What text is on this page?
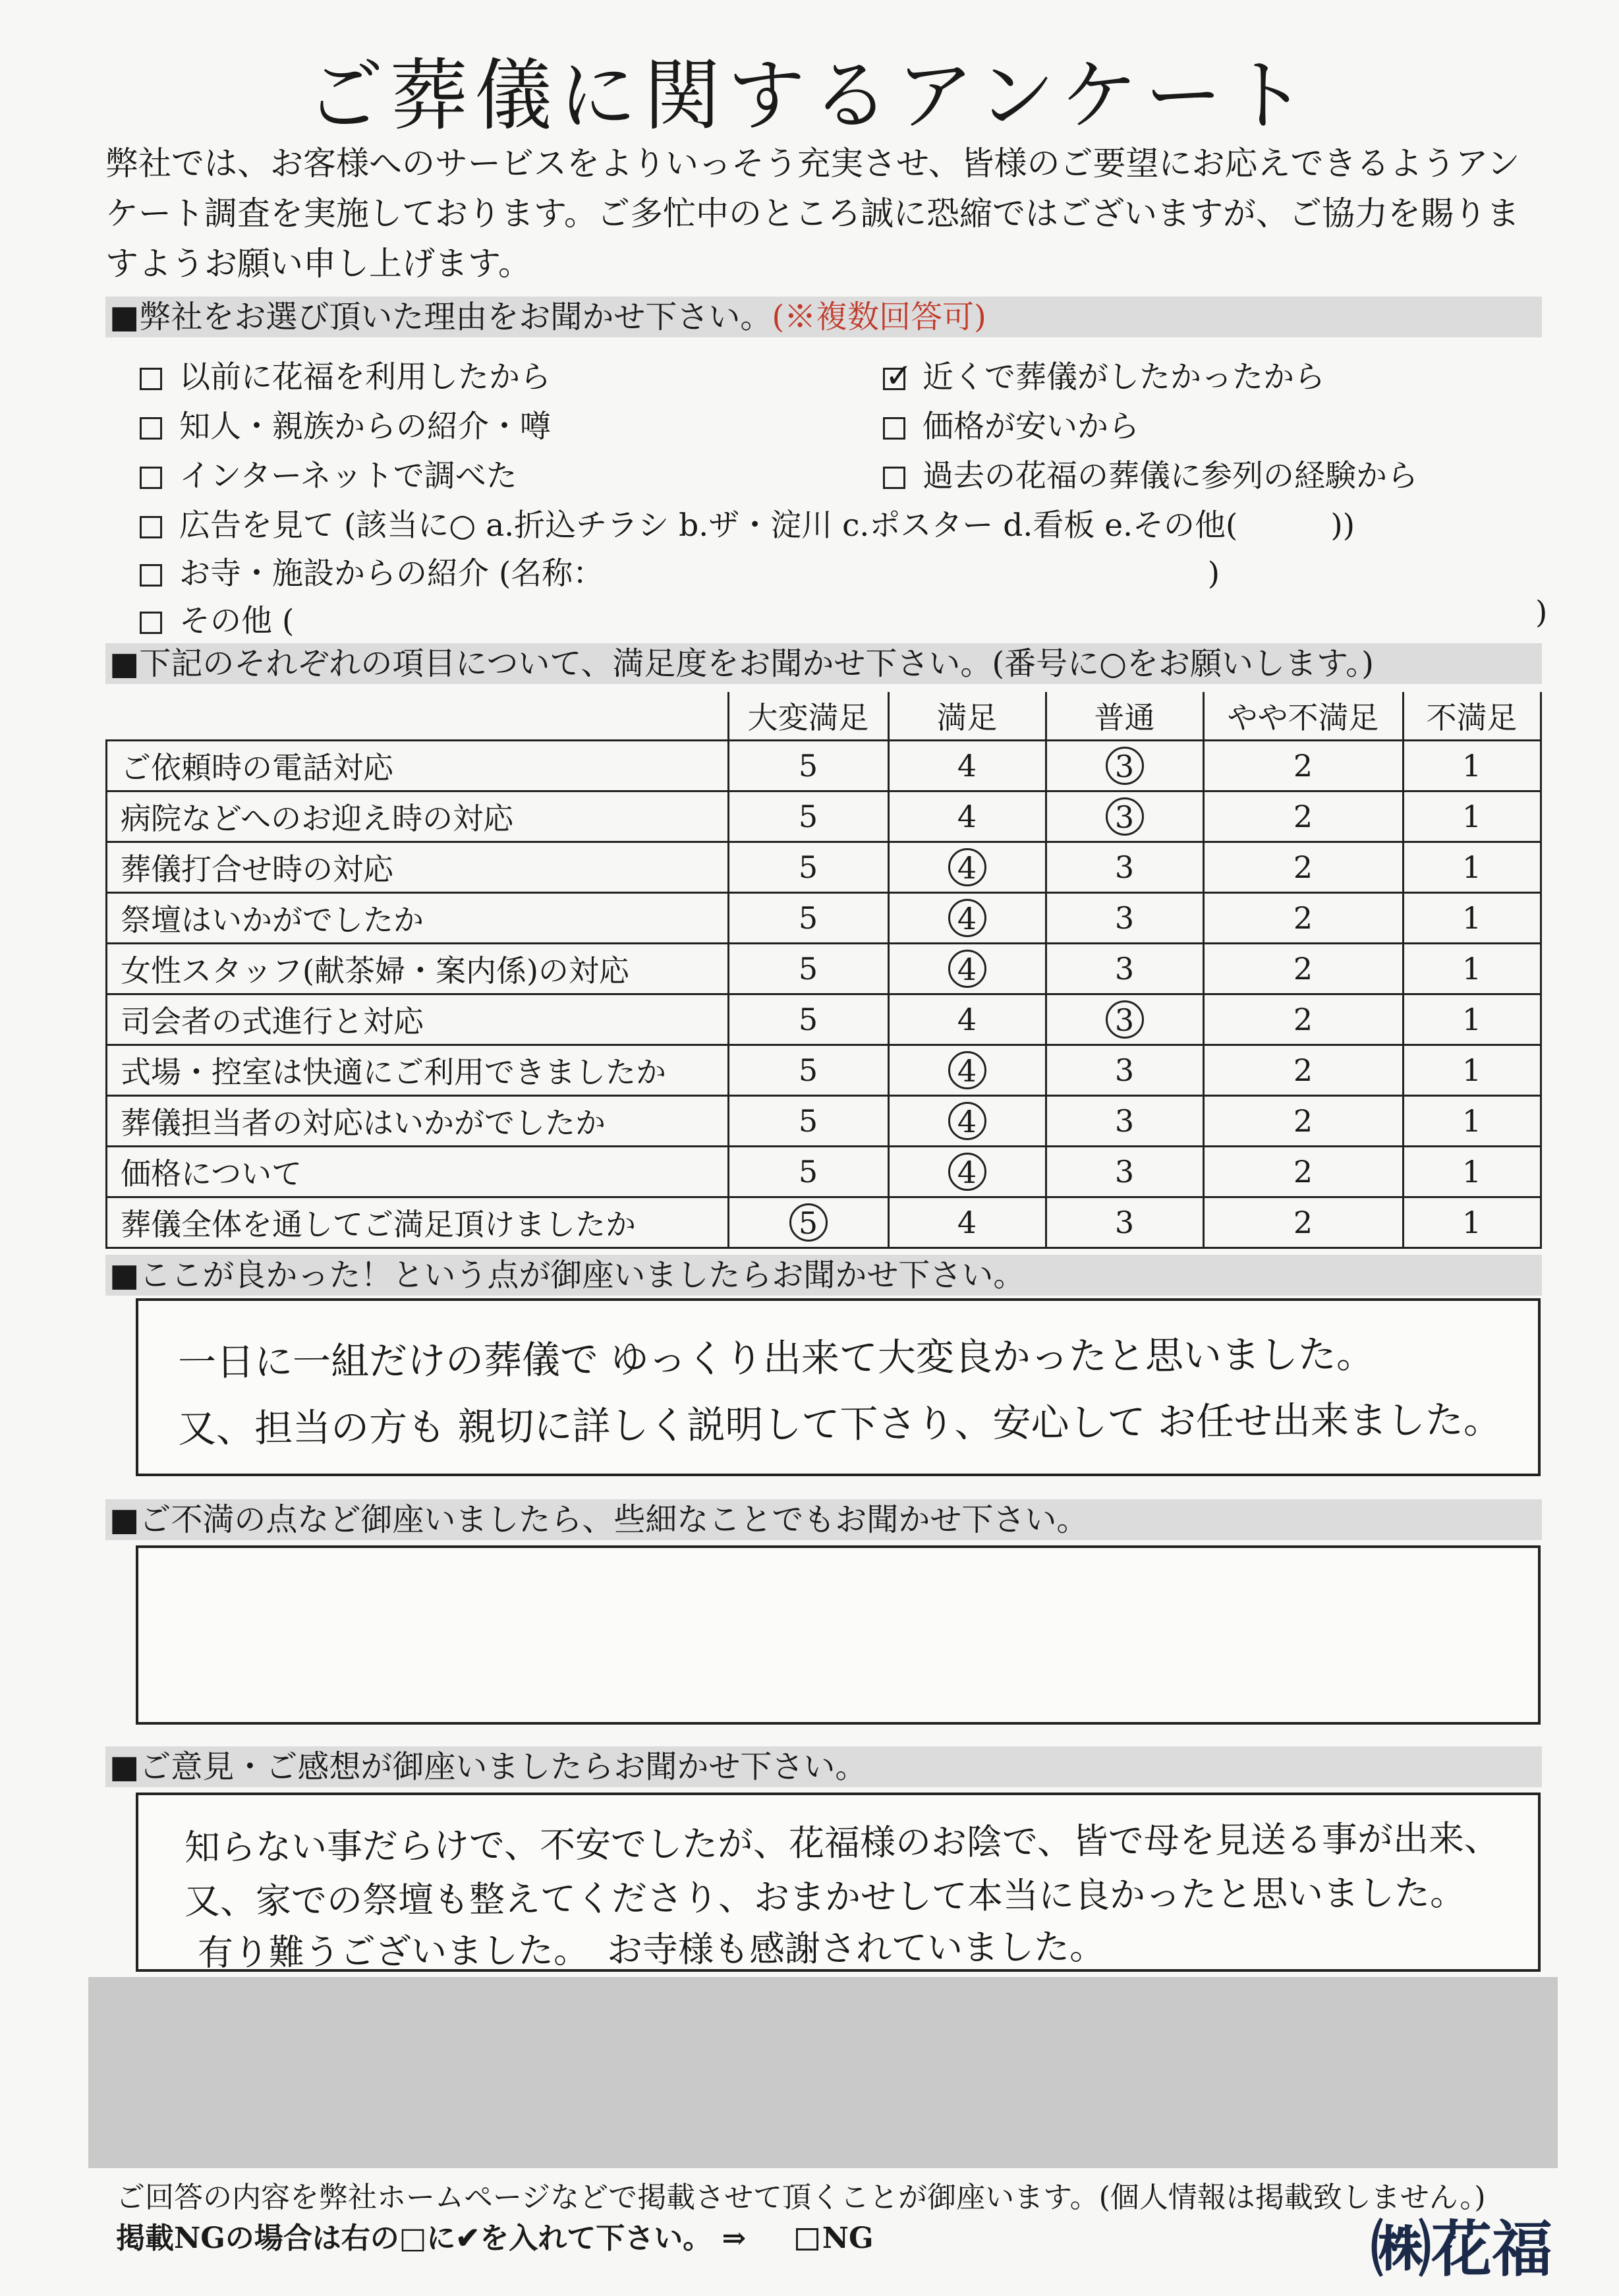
ご葬儀に関するアンケート
弊社では、お客様へのサービスをよりいっそう充実させ、皆様のご要望にお応えできるようアンケート調査を実施しております。ご多忙中のところ誠に恐縮ではございますが、ご協力を賜りますようお願い申し上げます。
■弊社をお選び頂いた理由をお聞かせ下さい。(※複数回答可)
以前に花福を利用したから ✓	近くで葬儀がしたかったから
知人・親族からの紹介・噂	価格が安いから
インターネットで調べた	過去の花福の葬儀に参列の経験から
広告を見て (該当に○ a.折込チラシ b.ザ・淀川 c.ポスター d.看板 e.その他(　　　))
お寺・施設からの紹介 (名称：　　　　　　　　　　　　　　　　　　　　)
その他 (	)
■下記のそれぞれの項目について、満足度をお聞かせ下さい。(番号に○をお願いします。)
	大変満足	満足	普通	やや不満足	不満足
ご依頼時の電話対応	5	4	3	2	1
病院などへのお迎え時の対応	5	4	3	2	1
葬儀打合せ時の対応	5	4	3	2	1
祭壇はいかがでしたか	5	4	3	2	1
女性スタッフ(献茶婦・案内係)の対応	5	4	3	2	1
司会者の式進行と対応	5	4	3	2	1
式場・控室は快適にご利用できましたか	5	4	3	2	1
葬儀担当者の対応はいかがでしたか	5	4	3	2	1
価格について	5	4	3	2	1
葬儀全体を通してご満足頂けましたか	5	4	3	2	1
■ここが良かった！という点が御座いましたらお聞かせ下さい。
一日に一組だけの葬儀で ゆっくり出来て大変良かったと思いました。
又、担当の方も 親切に詳しく説明して下さり、安心して お任せ出来ました。
■ご不満の点など御座いましたら、些細なことでもお聞かせ下さい。
■ご意見・ご感想が御座いましたらお聞かせ下さい。
知らない事だらけで、不安でしたが、花福様のお陰で、皆で母を見送る事が出来、
又、家での祭壇も整えてくださり、おまかせして本当に良かったと思いました。
有り難うございました。　お寺様も感謝されていました。
ご回答の内容を弊社ホームページなどで掲載させて頂くことが御座います。(個人情報は掲載致しません。)
掲載NGの場合は右の□に✔を入れて下さい。 ⇒	NG	㈱花福
